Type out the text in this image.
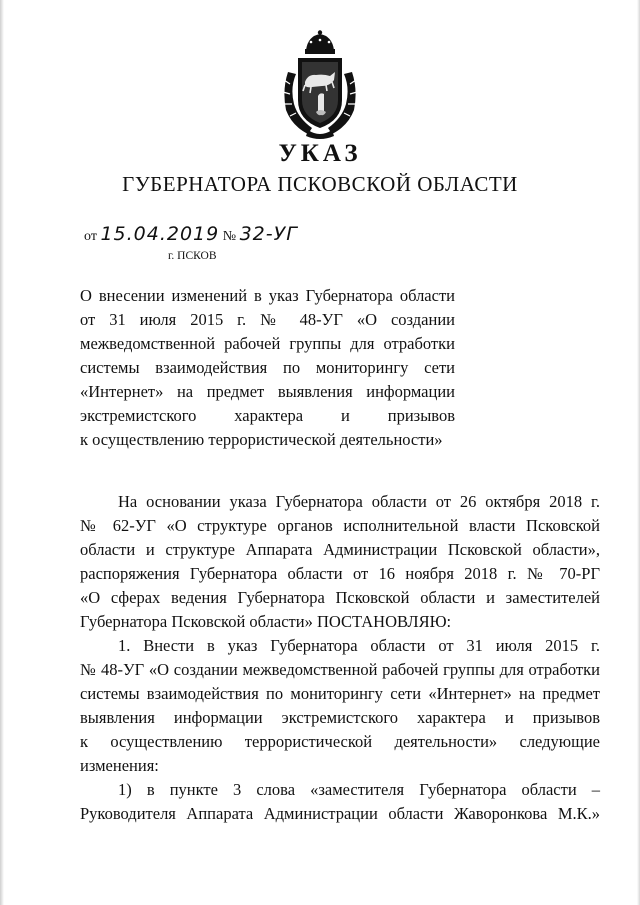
УКАЗ
ГУБЕРНАТОРА ПСКОВСКОЙ ОБЛАСТИ
от 15.04.2019 № 32-УГ
г. ПСКОВ
О внесении изменений в указ Губернатора области
от 31 июля 2015 г. № 48-УГ «О создании
межведомственной рабочей группы для отработки
системы взаимодействия по мониторингу сети
«Интернет» на предмет выявления информации
экстремистского характера и призывов
к осуществлению террористической деятельности»
На основании указа Губернатора области от 26 октября 2018 г.
№ 62-УГ «О структуре органов исполнительной власти Псковской
области и структуре Аппарата Администрации Псковской области»,
распоряжения Губернатора области от 16 ноября 2018 г. № 70-РГ
«О сферах ведения Губернатора Псковской области и заместителей
Губернатора Псковской области» ПОСТАНОВЛЯЮ:
1. Внести в указ Губернатора области от 31 июля 2015 г.
№ 48-УГ «О создании межведомственной рабочей группы для отработки
системы взаимодействия по мониторингу сети «Интернет» на предмет
выявления информации экстремистского характера и призывов
к осуществлению террористической деятельности» следующие
изменения:
1) в пункте 3 слова «заместителя Губернатора области –
Руководителя Аппарата Администрации области Жаворонкова М.К.»
